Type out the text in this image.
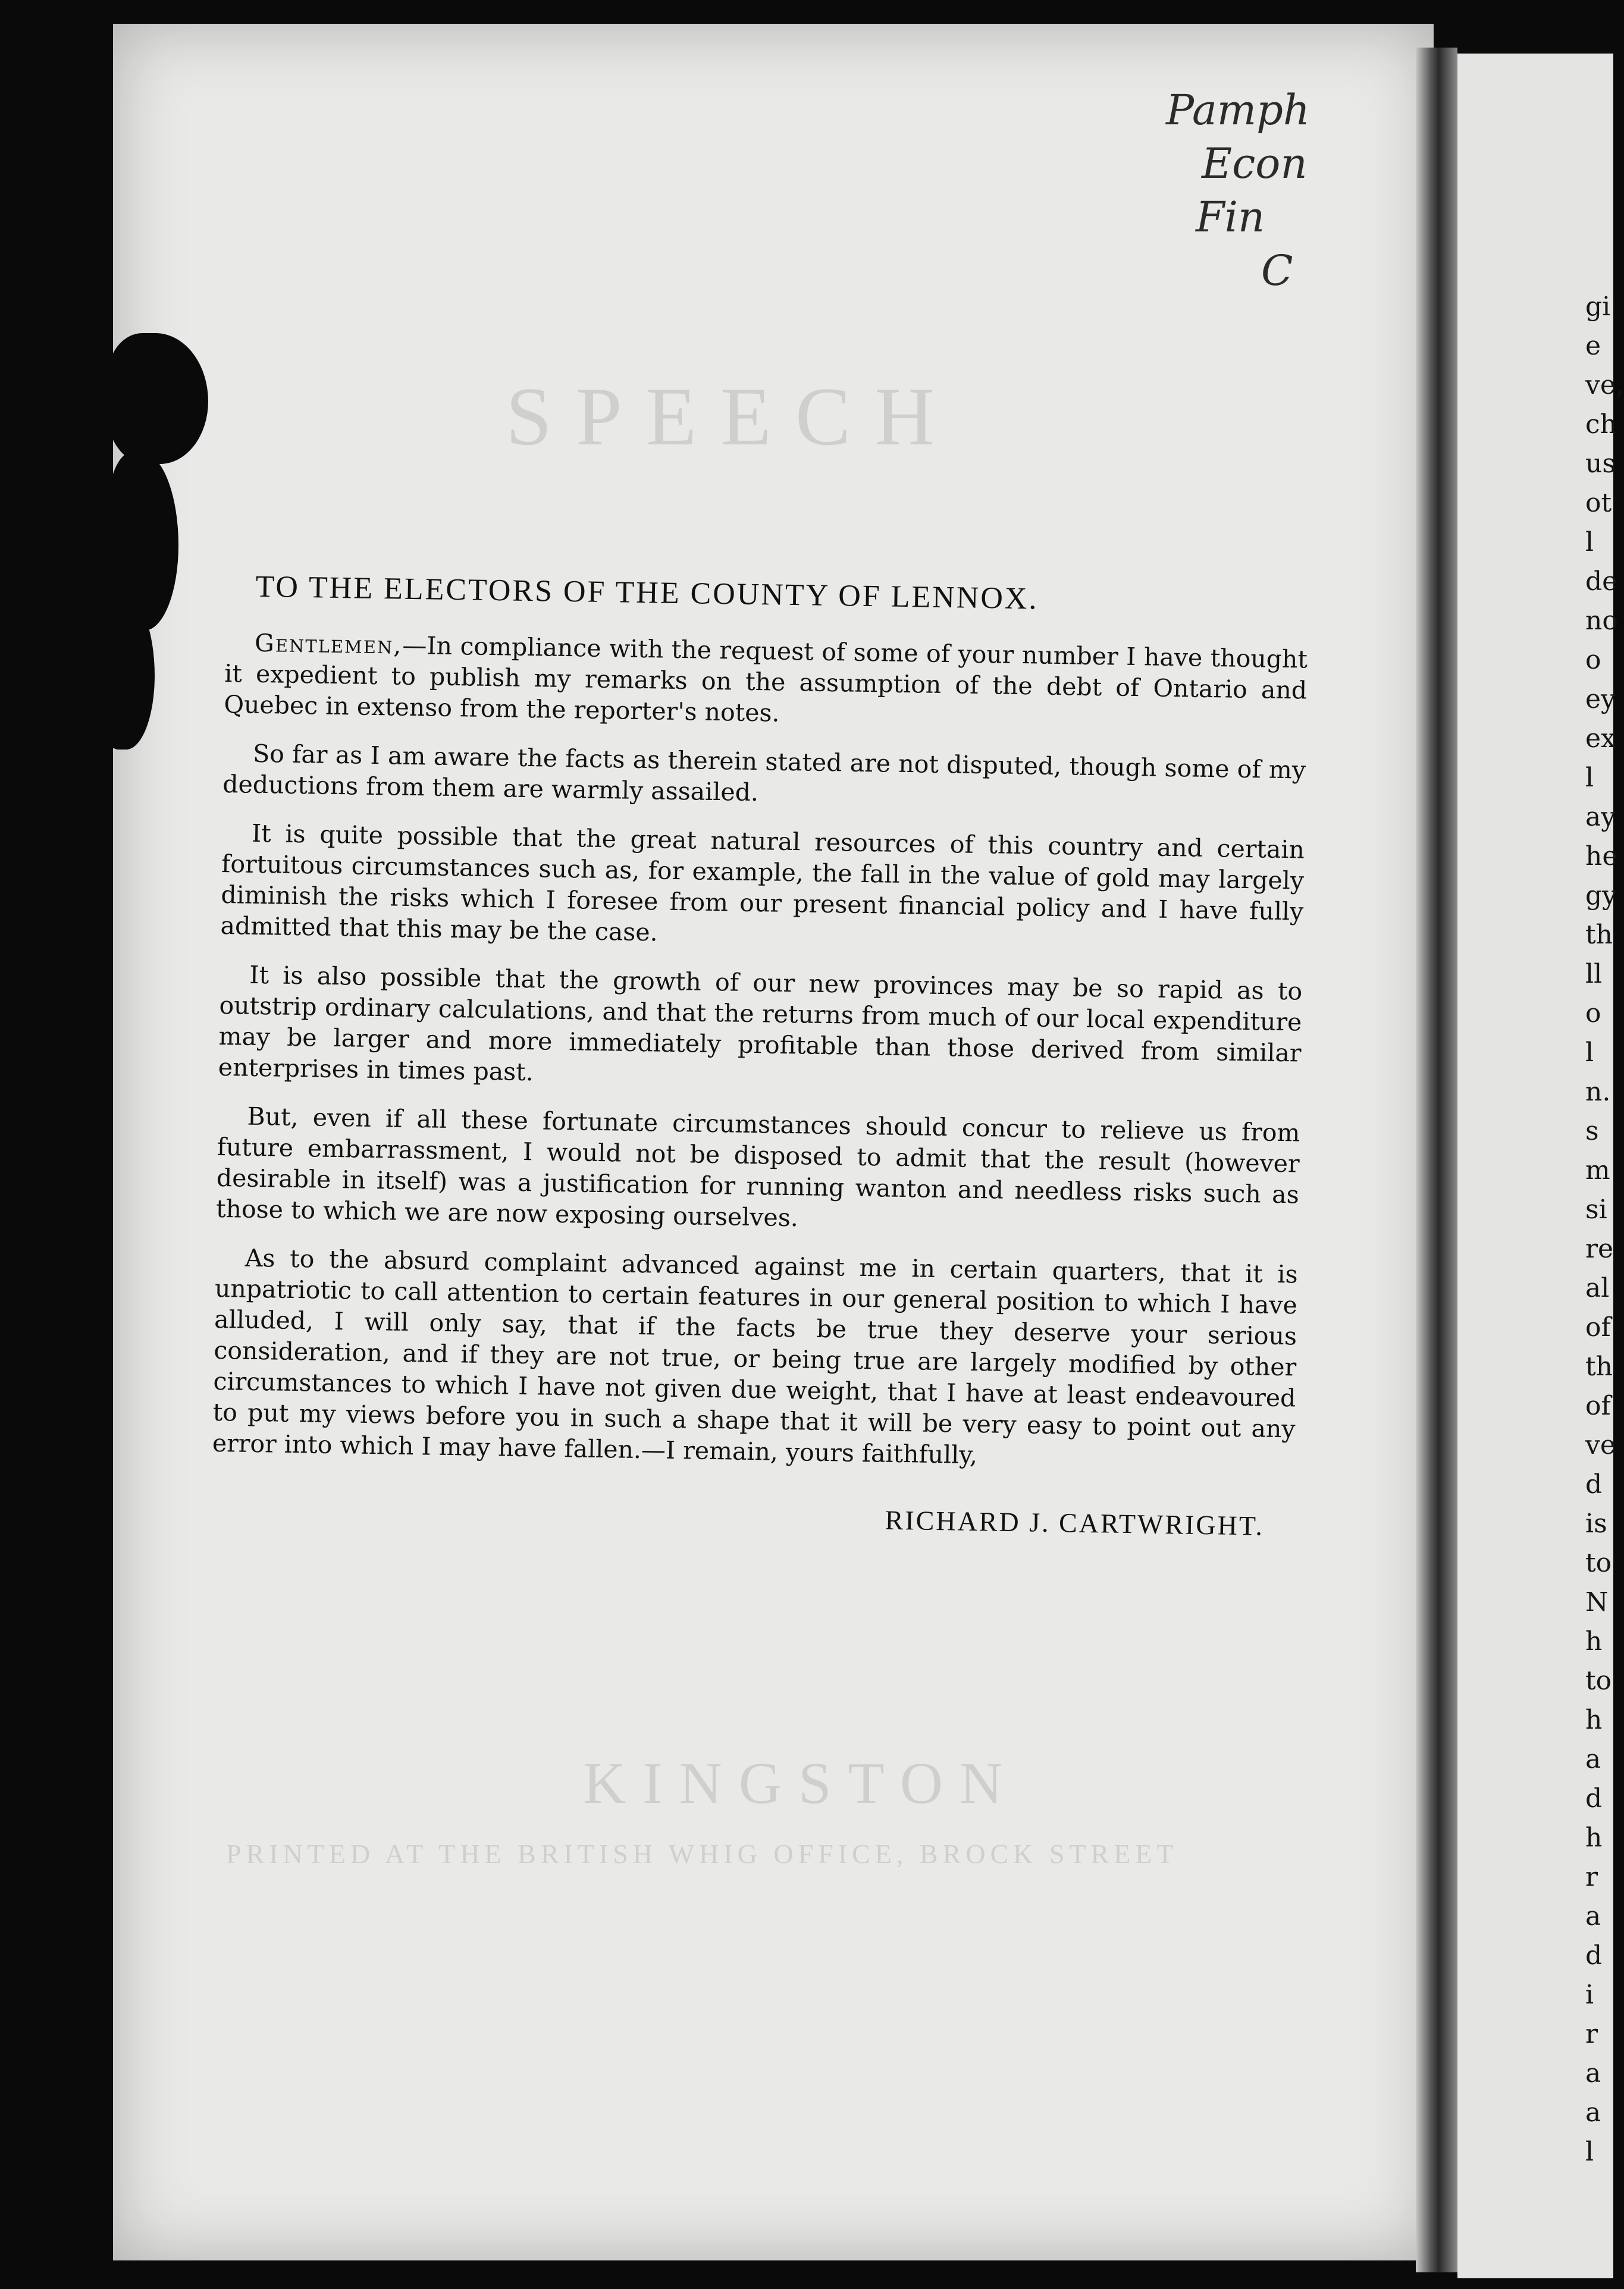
gi
e
ve,
ch
us
ot
l
de
no
o
ey
ex
l
ay
he
gy
th
ll
o
l
n.
s
m
si
re
al
of
th
of
ve
d
is
to
N
h
to
h
a
d
h
r
a
d
i
r
a
a
l
Pamph
Econ
Fin
C
SPEECH
KINGSTON
PRINTED AT THE BRITISH WHIG OFFICE, BROCK STREET
TO THE ELECTORS OF THE COUNTY OF LENNOX.

Gentlemen,—In compliance with the request of some of your number I have thought it expedient to publish my remarks on the assumption of the debt of Ontario and Quebec in extenso from the reporter's notes.

So far as I am aware the facts as therein stated are not disputed, though some of my deductions from them are warmly assailed.

It is quite possible that the great natural resources of this country and certain fortuitous circumstances such as, for example, the fall in the value of gold may largely diminish the risks which I foresee from our present financial policy and I have fully admitted that this may be the case.

It is also possible that the growth of our new provinces may be so rapid as to outstrip ordinary calculations, and that the returns from much of our local expenditure may be larger and more immediately profitable than those derived from similar enterprises in times past.

But, even if all these fortunate circumstances should concur to relieve us from future embarrassment, I would not be disposed to admit that the result (however desirable in itself) was a justification for running wanton and needless risks such as those to which we are now exposing ourselves.

As to the absurd complaint advanced against me in certain quarters, that it is unpatriotic to call attention to certain features in our general position to which I have alluded, I will only say, that if the facts be true they deserve your serious consideration, and if they are not true, or being true are largely modified by other circumstances to which I have not given due weight, that I have at least endeavoured to put my views before you in such a shape that it will be very easy to point out any error into which I may have fallen.—I remain, yours faithfully,

RICHARD J. CARTWRIGHT.
